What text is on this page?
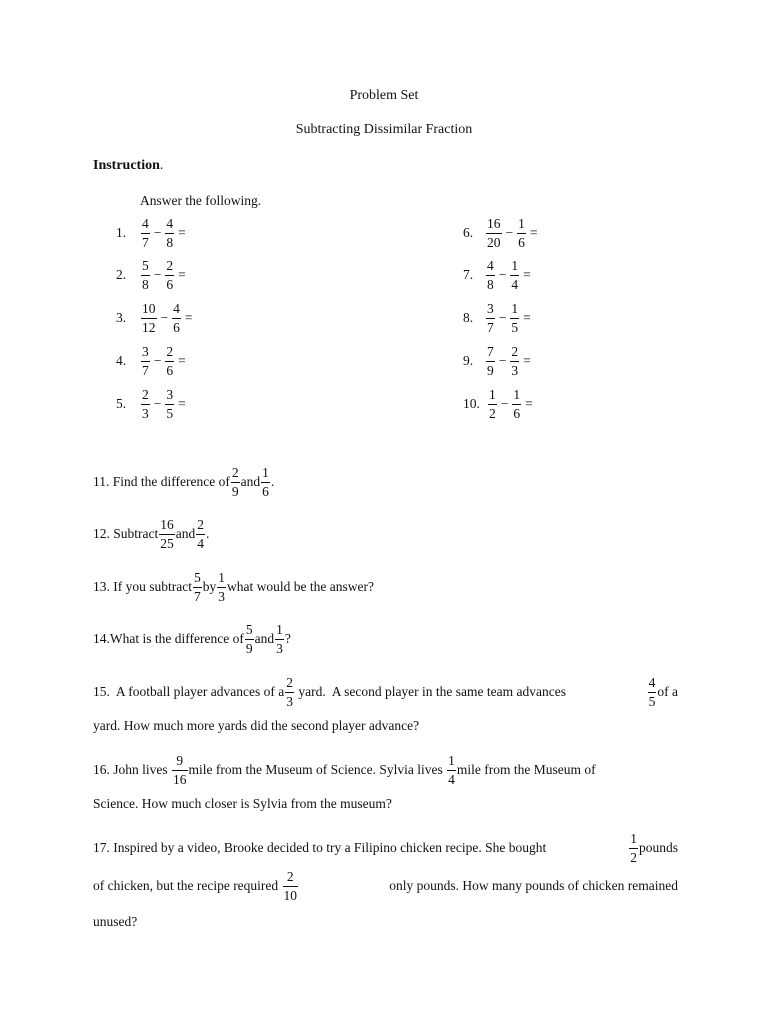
Problem Set
Subtracting Dissimilar Fraction
Instruction.
Answer the following.
1.	$\frac{4}{7} - \frac{4}{8}$ =
2.	$\frac{5}{8} - \frac{2}{6}$ =
3.	$\frac{10}{12} - \frac{4}{6}$ =
4.	$\frac{3}{7} - \frac{2}{6}$ =
5.	$\frac{2}{3} - \frac{3}{5}$ =
6. $\frac{16}{20} - \frac{1}{6}$ =
7. $\frac{4}{8} - \frac{1}{4}$ =
8. $\frac{3}{7} - \frac{1}{5}$ =
9. $\frac{7}{9} - \frac{2}{3}$ =
10. $\frac{1}{2} - \frac{1}{6}$ =
11. Find the difference of $\frac{2}{9}$ and $\frac{1}{6}$ .
12. Subtract $\frac{16}{25}$ and $\frac{2}{4}$ .
13. If you subtract $\frac{5}{7}$ by $\frac{1}{3}$ what would be the answer?
14.What is the difference of $\frac{5}{9}$ and $\frac{1}{3}$ ?
15.  A football player advances of a $\frac{2}{3}$ yard.  A second player in the same team advances	$\frac{4}{5}$ of a
yard. How much more yards did the second player advance?
16. John lives $\frac{9}{16}$ mile from the Museum of Science. Sylvia lives $\frac{1}{4}$ mile from the Museum of
Science. How much closer is Sylvia from the museum?
17. Inspired by a video, Brooke decided to try a Filipino chicken recipe. She bought	$\frac{1}{2}$ pounds
of chicken, but the recipe required $\frac{2}{10}$	only pounds. How many pounds of chicken remained
unused?
